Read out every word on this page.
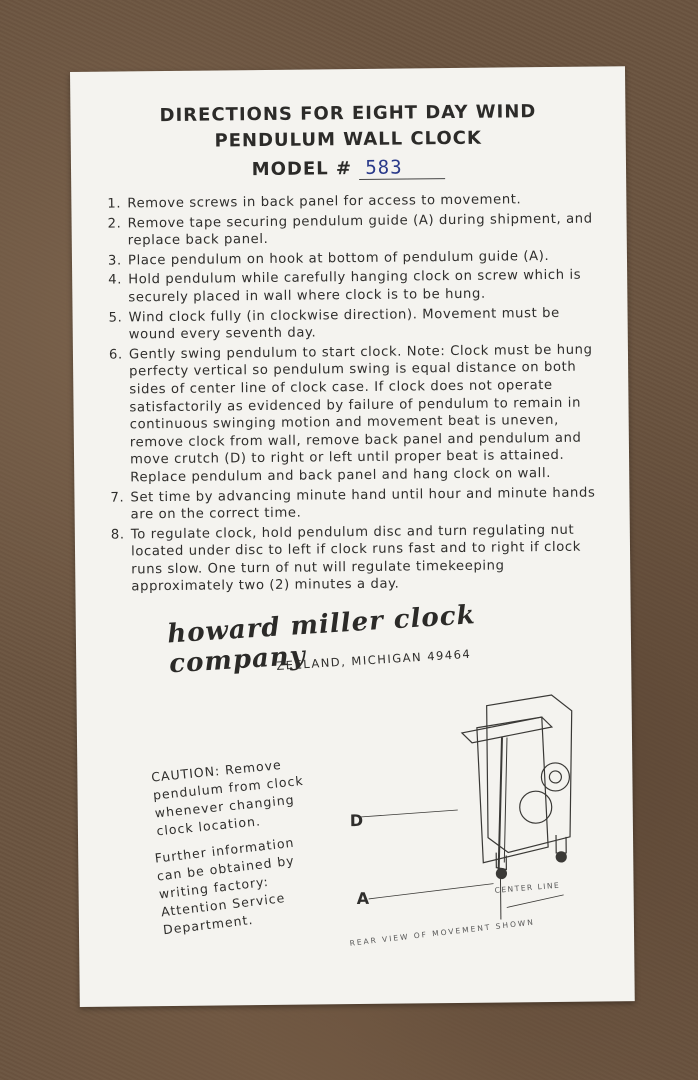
DIRECTIONS FOR EIGHT DAY WIND
PENDULUM WALL CLOCK
MODEL # 583
1. Remove screws in back panel for access to movement.
2. Remove tape securing pendulum guide (A) during shipment, and replace back panel.
3. Place pendulum on hook at bottom of pendulum guide (A).
4. Hold pendulum while carefully hanging clock on screw which is securely placed in wall where clock is to be hung.
5. Wind clock fully (in clockwise direction). Movement must be wound every seventh day.
6. Gently swing pendulum to start clock. Note: Clock must be hung perfecty vertical so pendulum swing is equal distance on both sides of center line of clock case. If clock does not operate satisfactorily as evidenced by failure of pendulum to remain in continuous swinging motion and movement beat is uneven, remove clock from wall, remove back panel and pendulum and move crutch (D) to right or left until proper beat is attained. Replace pendulum and back panel and hang clock on wall.
7. Set time by advancing minute hand until hour and minute hands are on the correct time.
8. To regulate clock, hold pendulum disc and turn regulating nut located under disc to left if clock runs fast and to right if clock runs slow. One turn of nut will regulate timekeeping approximately two (2) minutes a day.
howard miller clock company
ZEELAND, MICHIGAN 49464
CAUTION: Remove pendulum from clock whenever changing clock location.
Further information can be obtained by writing factory: Attention Service Department.
D
A
CENTER LINE
REAR VIEW OF MOVEMENT SHOWN
